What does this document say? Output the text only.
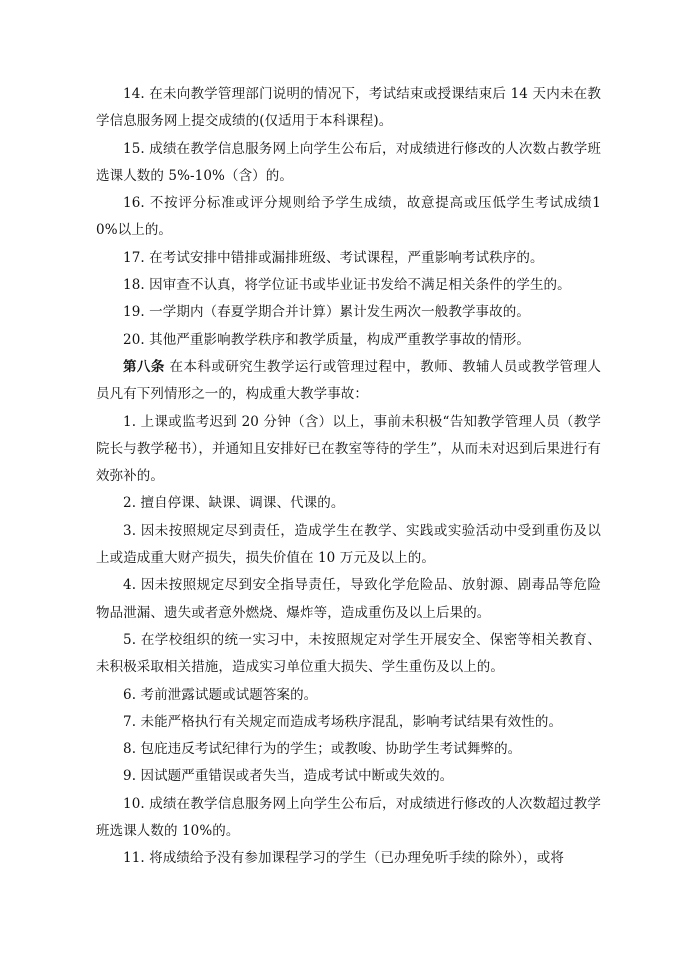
14. 在未向教学管理部门说明的情况下，考试结束或授课结束后 14 天内未在教学信息服务网上提交成绩的(仅适用于本科课程)。

15. 成绩在教学信息服务网上向学生公布后，对成绩进行修改的人次数占教学班选课人数的 5%-10%（含）的。

16. 不按评分标准或评分规则给予学生成绩，故意提高或压低学生考试成绩10%以上的。

17. 在考试安排中错排或漏排班级、考试课程，严重影响考试秩序的。

18. 因审查不认真，将学位证书或毕业证书发给不满足相关条件的学生的。

19. 一学期内（春夏学期合并计算）累计发生两次一般教学事故的。

20. 其他严重影响教学秩序和教学质量，构成严重教学事故的情形。

第八条 在本科或研究生教学运行或管理过程中，教师、教辅人员或教学管理人员凡有下列情形之一的，构成重大教学事故：

1. 上课或监考迟到 20 分钟（含）以上，事前未积极“告知教学管理人员（教学院长与教学秘书），并通知且安排好已在教室等待的学生”，从而未对迟到后果进行有效弥补的。

2. 擅自停课、缺课、调课、代课的。

3. 因未按照规定尽到责任，造成学生在教学、实践或实验活动中受到重伤及以上或造成重大财产损失，损失价值在 10 万元及以上的。

4. 因未按照规定尽到安全指导责任，导致化学危险品、放射源、剧毒品等危险物品泄漏、遗失或者意外燃烧、爆炸等，造成重伤及以上后果的。

5. 在学校组织的统一实习中，未按照规定对学生开展安全、保密等相关教育、未积极采取相关措施，造成实习单位重大损失、学生重伤及以上的。

6. 考前泄露试题或试题答案的。

7. 未能严格执行有关规定而造成考场秩序混乱，影响考试结果有效性的。

8. 包庇违反考试纪律行为的学生；或教唆、协助学生考试舞弊的。

9. 因试题严重错误或者失当，造成考试中断或失效的。

10. 成绩在教学信息服务网上向学生公布后，对成绩进行修改的人次数超过教学班选课人数的 10%的。

11. 将成绩给予没有参加课程学习的学生（已办理免听手续的除外），或将
